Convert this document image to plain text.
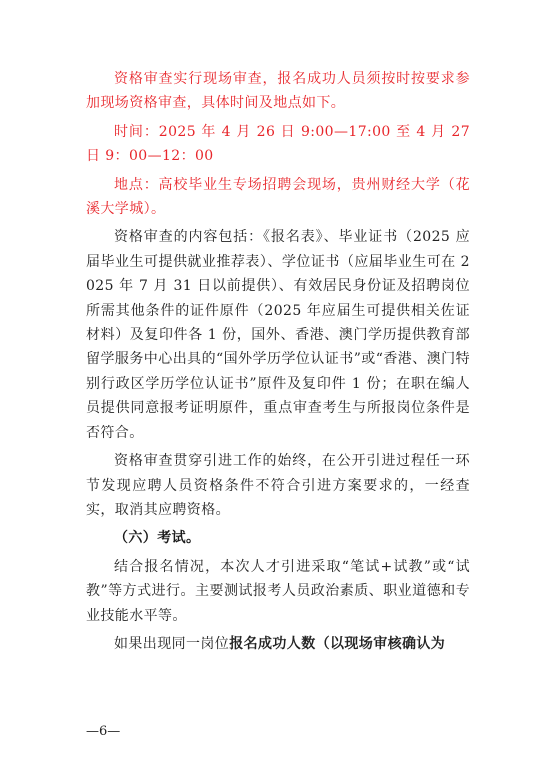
资格审查实行现场审查，报名成功人员须按时按要求参加现场资格审查，具体时间及地点如下。

时间：2025 年 4 月 26 日 9:00—17:00 至 4 月 27 日 9：00—12：00

地点：高校毕业生专场招聘会现场，贵州财经大学（花溪大学城）。

资格审查的内容包括：《报名表》、毕业证书（2025 应届毕业生可提供就业推荐表）、学位证书（应届毕业生可在 2025 年 7 月 31 日以前提供）、有效居民身份证及招聘岗位所需其他条件的证件原件（2025 年应届生可提供相关佐证材料）及复印件各 1 份，国外、香港、澳门学历提供教育部留学服务中心出具的“国外学历学位认证书”或“香港、澳门特别行政区学历学位认证书”原件及复印件 1 份；在职在编人员提供同意报考证明原件，重点审查考生与所报岗位条件是否符合。

资格审查贯穿引进工作的始终，在公开引进过程任一环节发现应聘人员资格条件不符合引进方案要求的，一经查实，取消其应聘资格。

（六）考试。

结合报名情况，本次人才引进采取“笔试+试教”或“试教”等方式进行。主要测试报考人员政治素质、职业道德和专业技能水平等。

如果出现同一岗位报名成功人数（以现场审核确认为

—6—
